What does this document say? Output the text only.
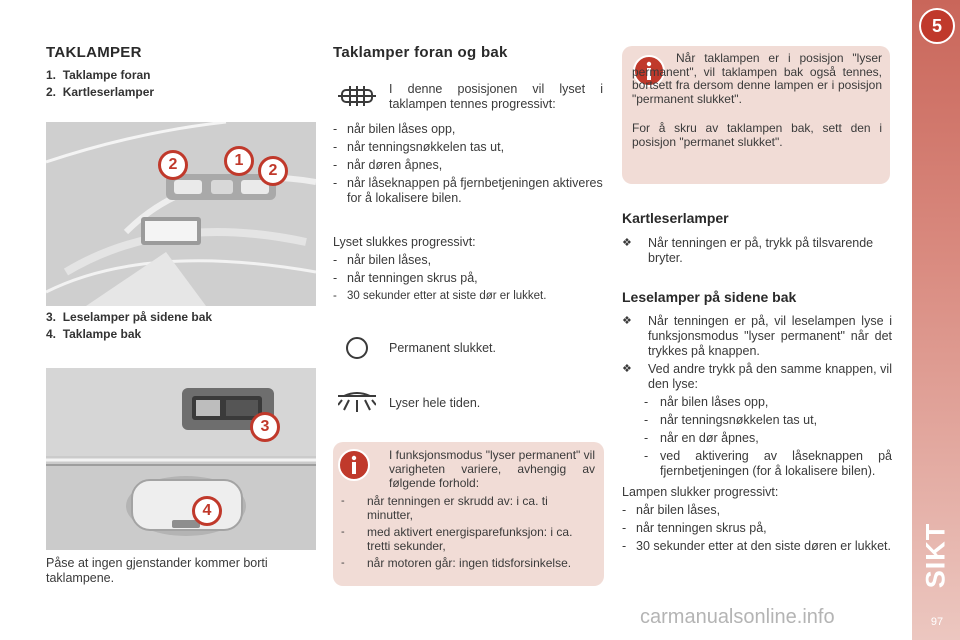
TAKLAMPER
1. Taklampe foran
2. Kartleserlamper
2	1
2
3. Leselamper på sidene bak
4. Taklampe bak
3
4
Påse at ingen gjenstander kommer borti taklampene.
Taklamper foran og bak
I denne posisjonen vil lyset i taklampen tennes progressivt:
- når bilen låses opp,
- når tenningsnøkkelen tas ut,
- når døren åpnes,
- når låseknappen på fjernbetjeningen aktiveres for å lokalisere bilen.
Lyset slukkes progressivt:
- når bilen låses,
- når tenningen skrus på,
- 30 sekunder etter at siste dør er lukket.
Permanent slukket.
Lyser hele tiden.
I funksjonsmodus "lyser permanent" vil varigheten variere, avhengig av følgende forhold:
- når tenningen er skrudd av: i ca. ti minutter,
- med aktivert energisparefunksjon: i ca. tretti sekunder,
- når motoren går: ingen tidsforsinkelse.
Når taklampen er i posisjon "lyser permanent", vil taklampen bak også tennes, bortsett fra dersom denne lampen er i posisjon "permanent slukket".
For å skru av taklampen bak, sett den i posisjon "permanet slukket".
Kartleserlamper
❖ Når tenningen er på, trykk på tilsvarende bryter.
Leselamper på sidene bak
❖ Når tenningen er på, vil leselampen lyse i funksjonsmodus "lyser permanent" når det trykkes på knappen.
❖ Ved andre trykk på den samme knappen, vil den lyse:
- når bilen låses opp,
- når tenningsnøkkelen tas ut,
- når en dør åpnes,
- ved aktivering av låseknappen på fjernbetjeningen (for å lokalisere bilen).
Lampen slukker progressivt:
- når bilen låses,
- når tenningen skrus på,
- 30 sekunder etter at den siste døren er lukket.
5
SIKT
97
carmanualsonline.info
